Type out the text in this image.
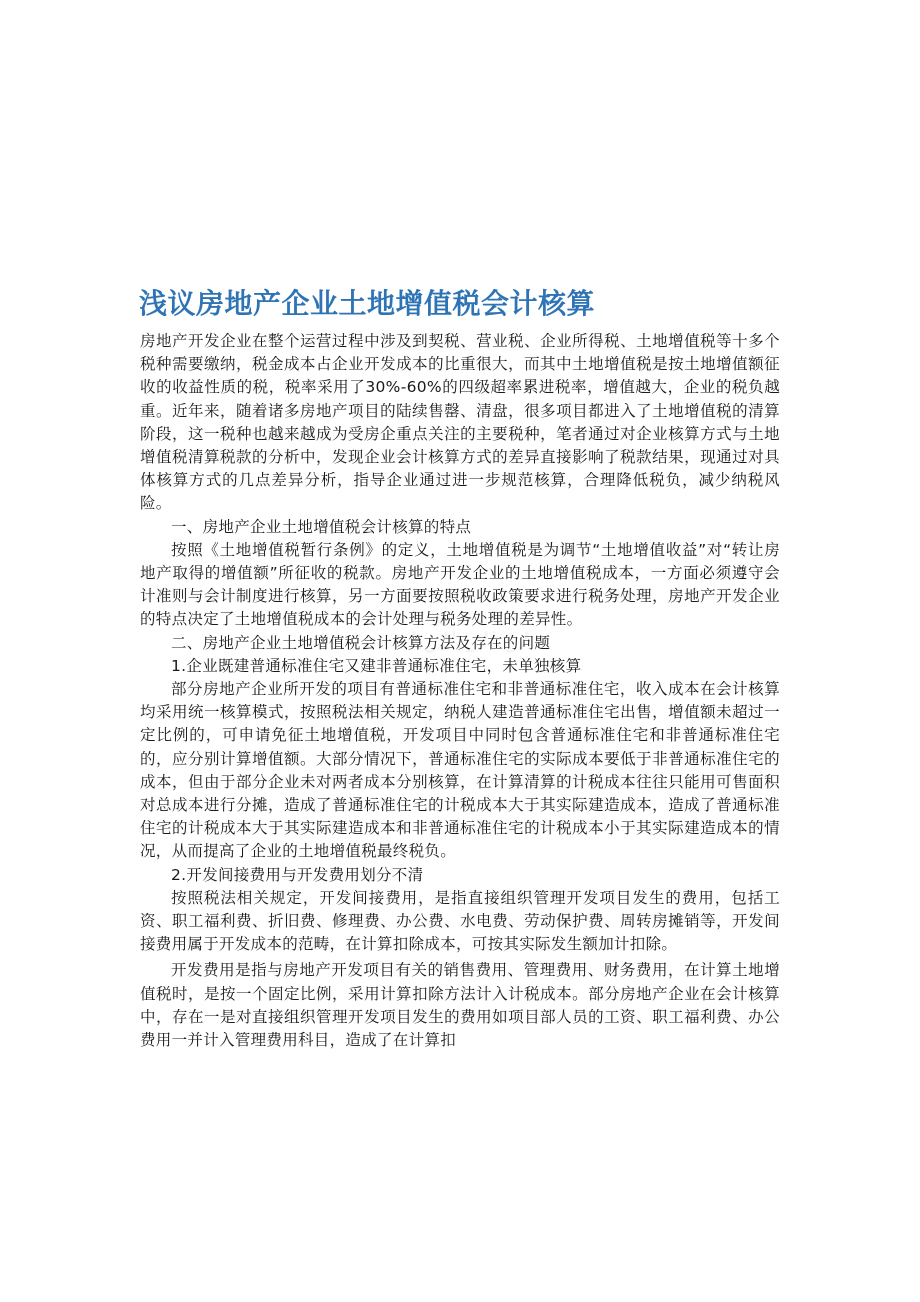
浅议房地产企业土地增值税会计核算

房地产开发企业在整个运营过程中涉及到契税、营业税、企业所得税、土地增值税等十多个税种需要缴纳，税金成本占企业开发成本的比重很大，而其中土地增值税是按土地增值额征收的收益性质的税，税率采用了30%-60%的四级超率累进税率，增值越大，企业的税负越重。近年来，随着诸多房地产项目的陆续售罄、清盘，很多项目都进入了土地增值税的清算阶段，这一税种也越来越成为受房企重点关注的主要税种，笔者通过对企业核算方式与土地增值税清算税款的分析中，发现企业会计核算方式的差异直接影响了税款结果，现通过对具体核算方式的几点差异分析，指导企业通过进一步规范核算，合理降低税负，减少纳税风险。

一、房地产企业土地增值税会计核算的特点

按照《土地增值税暂行条例》的定义，土地增值税是为调节“土地增值收益”对“转让房地产取得的增值额”所征收的税款。房地产开发企业的土地增值税成本，一方面必须遵守会计准则与会计制度进行核算，另一方面要按照税收政策要求进行税务处理，房地产开发企业的特点决定了土地增值税成本的会计处理与税务处理的差异性。

二、房地产企业土地增值税会计核算方法及存在的问题

1.企业既建普通标准住宅又建非普通标准住宅，未单独核算

部分房地产企业所开发的项目有普通标准住宅和非普通标准住宅，收入成本在会计核算均采用统一核算模式，按照税法相关规定，纳税人建造普通标准住宅出售，增值额未超过一定比例的，可申请免征土地增值税，开发项目中同时包含普通标准住宅和非普通标准住宅的，应分别计算增值额。大部分情况下，普通标准住宅的实际成本要低于非普通标准住宅的成本，但由于部分企业未对两者成本分别核算，在计算清算的计税成本往往只能用可售面积对总成本进行分摊，造成了普通标准住宅的计税成本大于其实际建造成本，造成了普通标准住宅的计税成本大于其实际建造成本和非普通标准住宅的计税成本小于其实际建造成本的情况，从而提高了企业的土地增值税最终税负。

2.开发间接费用与开发费用划分不清

按照税法相关规定，开发间接费用，是指直接组织管理开发项目发生的费用，包括工资、职工福利费、折旧费、修理费、办公费、水电费、劳动保护费、周转房摊销等，开发间接费用属于开发成本的范畴，在计算扣除成本，可按其实际发生额加计扣除。

开发费用是指与房地产开发项目有关的销售费用、管理费用、财务费用，在计算土地增值税时，是按一个固定比例，采用计算扣除方法计入计税成本。部分房地产企业在会计核算中，存在一是对直接组织管理开发项目发生的费用如项目部人员的工资、职工福利费、办公费用一并计入管理费用科目，造成了在计算扣
